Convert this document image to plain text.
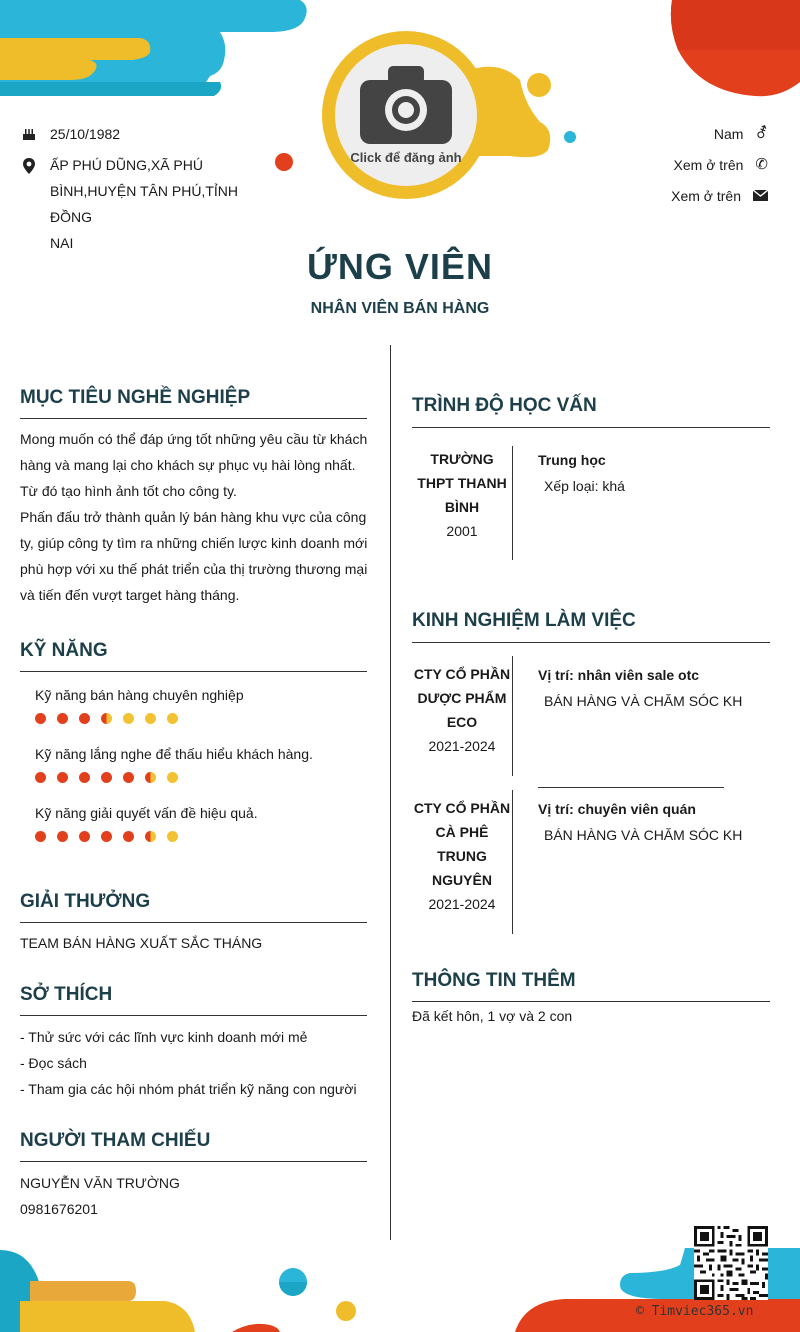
Click để đăng ảnh
25/10/1982
ẤP PHÚ DŨNG,XÃ PHÚ
BÌNH,HUYỆN TÂN PHÚ,TỈNH ĐỒNG
NAI
Nam ⚦
Xem ở trên ✆
Xem ở trên
ỨNG VIÊN
NHÂN VIÊN BÁN HÀNG
MỤC TIÊU NGHỀ NGHIỆP
Mong muốn có thể đáp ứng tốt những yêu cầu từ khách
hàng và mang lại cho khách sự phục vụ hài lòng nhất.
Từ đó tạo hình ảnh tốt cho công ty.
Phấn đấu trở thành quản lý bán hàng khu vực của công
ty, giúp công ty tìm ra những chiến lược kinh doanh mới
phù hợp với xu thế phát triển của thị trường thương mại
và tiến đến vượt target hàng tháng.
KỸ NĂNG
Kỹ năng bán hàng chuyên nghiệp
Kỹ năng lắng nghe để thấu hiểu khách hàng.
Kỹ năng giải quyết vấn đề hiệu quả.
GIẢI THƯỞNG
TEAM BÁN HÀNG XUẤT SẮC THÁNG
SỞ THÍCH
- Thử sức với các lĩnh vực kinh doanh mới mẻ
- Đọc sách
- Tham gia các hội nhóm phát triển kỹ năng con người
NGƯỜI THAM CHIẾU
NGUYỄN VĂN TRƯỜNG
0981676201
TRÌNH ĐỘ HỌC VẤN
TRƯỜNG
THPT THANH
BÌNH
2001
Trung học
Xếp loại: khá
KINH NGHIỆM LÀM VIỆC
CTY CỔ PHẦN
DƯỢC PHẨM
ECO
2021-2024
Vị trí: nhân viên sale otc
BÁN HÀNG VÀ CHĂM SÓC KH
CTY CỔ PHẦN
CÀ PHÊ
TRUNG
NGUYÊN
2021-2024
Vị trí: chuyên viên quán
BÁN HÀNG VÀ CHĂM SÓC KH
THÔNG TIN THÊM
Đã kết hôn, 1 vợ và 2 con
© Timviec365.vn
